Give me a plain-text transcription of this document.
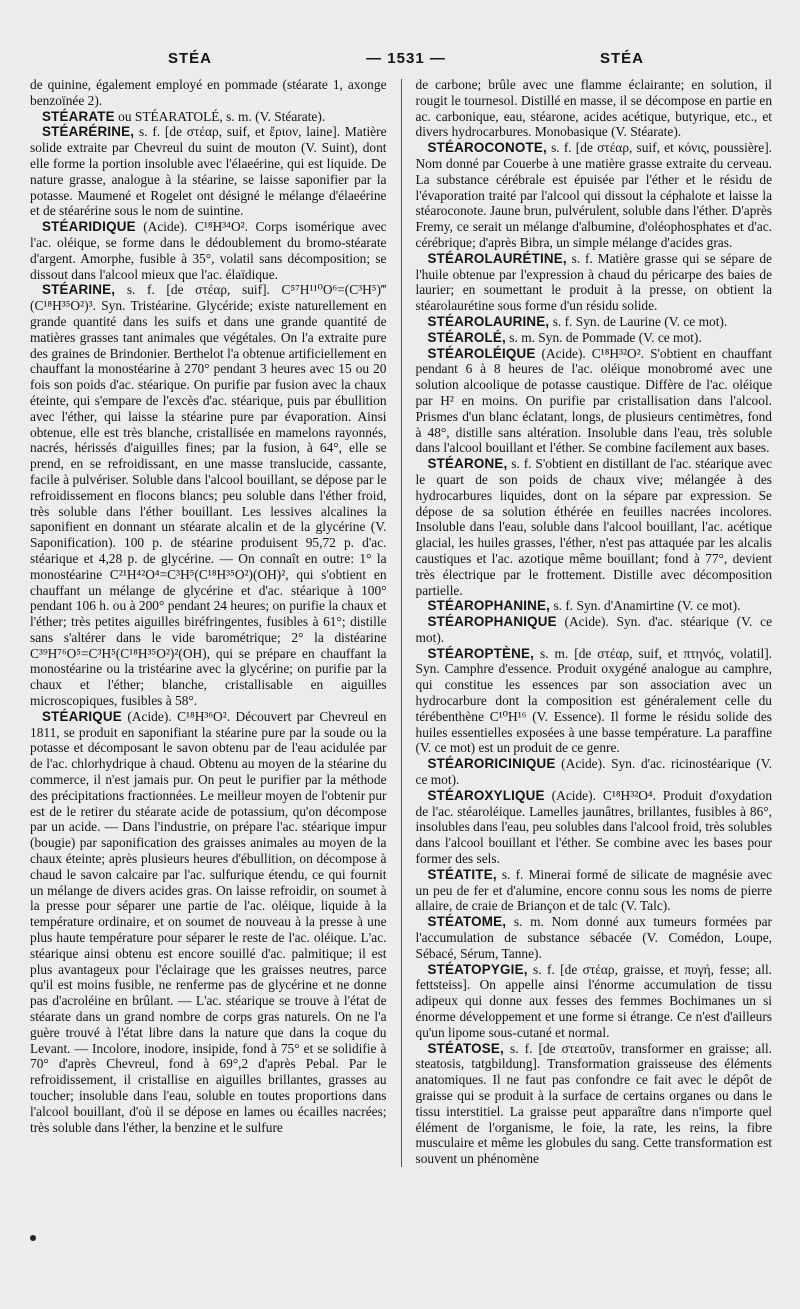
STÉA	— 1531 —	STÉA

de quinine, également employé en pommade (stéarate 1, axonge benzoïnée 2).

STÉARATE ou STÉARATOLÉ, s. m. (V. Stéarate).

STÉARÉRINE, s. f. [de στέαρ, suif, et ἔριον, laine]. Matière solide extraite par Chevreul du suint de mouton (V. Suint), dont elle forme la portion insoluble avec l'élaeérine, qui est liquide. De nature grasse, analogue à la stéarine, se laisse saponifier par la potasse. Maumené et Rogelet ont désigné le mélange d'élaeérine et de stéarérine sous le nom de suintine.

STÉARIDIQUE (Acide). C¹⁸H³⁴O². Corps isomérique avec l'ac. oléique, se forme dans le dédoublement du bromo-stéarate d'argent. Amorphe, fusible à 35°, volatil sans décomposition; se dissout dans l'alcool mieux que l'ac. élaïdique.

STÉARINE, s. f. [de στέαρ, suif]. C⁵⁷H¹¹⁰O⁶=(C³H⁵)‴(C¹⁸H³⁵O²)³. Syn. Tristéarine. Glycéride; existe naturellement en grande quantité dans les suifs et dans une grande quantité de matières grasses tant animales que végétales. On l'a extraite pure des graines de Brindonier. Berthelot l'a obtenue artificiellement en chauffant la monostéarine à 270° pendant 3 heures avec 15 ou 20 fois son poids d'ac. stéarique. On purifie par fusion avec la chaux éteinte, qui s'empare de l'excès d'ac. stéarique, puis par ébullition avec l'éther, qui laisse la stéarine pure par évaporation. Ainsi obtenue, elle est très blanche, cristallisée en mamelons rayonnés, nacrés, hérissés d'aiguilles fines; par la fusion, à 64°, elle se prend, en se refroidissant, en une masse translucide, cassante, facile à pulvériser. Soluble dans l'alcool bouillant, se dépose par le refroidissement en flocons blancs; peu soluble dans l'éther froid, très soluble dans l'éther bouillant. Les lessives alcalines la saponifient en donnant un stéarate alcalin et de la glycérine (V. Saponification). 100 p. de stéarine produisent 95,72 p. d'ac. stéarique et 4,28 p. de glycérine. — On connaît en outre: 1° la monostéarine C²¹H⁴²O⁴=C³H⁵(C¹⁸H³⁵O²)(OH)², qui s'obtient en chauffant un mélange de glycérine et d'ac. stéarique à 100° pendant 106 h. ou à 200° pendant 24 heures; on purifie la chaux et l'éther; très petites aiguilles biréfringentes, fusibles à 61°; distille sans s'altérer dans le vide barométrique; 2° la distéarine C³⁹H⁷⁶O⁵=C³H⁵(C¹⁸H³⁵O²)²(OH), qui se prépare en chauffant la monostéarine ou la tristéarine avec la glycérine; on purifie par la chaux et l'éther; blanche, cristallisable en aiguilles microscopiques, fusibles à 58°.

STÉARIQUE (Acide). C¹⁸H³⁶O². Découvert par Chevreul en 1811, se produit en saponifiant la stéarine pure par la soude ou la potasse et décomposant le savon obtenu par de l'eau acidulée par de l'ac. chlorhydrique à chaud. Obtenu au moyen de la stéarine du commerce, il n'est jamais pur. On peut le purifier par la méthode des précipitations fractionnées. Le meilleur moyen de l'obtenir pur est de le retirer du stéarate acide de potassium, qu'on décompose par un acide. — Dans l'industrie, on prépare l'ac. stéarique impur (bougie) par saponification des graisses animales au moyen de la chaux éteinte; après plusieurs heures d'ébullition, on décompose à chaud le savon calcaire par l'ac. sulfurique étendu, ce qui fournit un mélange de divers acides gras. On laisse refroidir, on soumet à la presse pour séparer une partie de l'ac. oléique, liquide à la température ordinaire, et on soumet de nouveau à la presse à une plus haute température pour séparer le reste de l'ac. oléique. L'ac. stéarique ainsi obtenu est encore souillé d'ac. palmitique; il est plus avantageux pour l'éclairage que les graisses neutres, parce qu'il est moins fusible, ne renferme pas de glycérine et ne donne pas d'acroléine en brûlant. — L'ac. stéarique se trouve à l'état de stéarate dans un grand nombre de corps gras naturels. On ne l'a guère trouvé à l'état libre dans la nature que dans la coque du Levant. — Incolore, inodore, insipide, fond à 75° et se solidifie à 70° d'après Chevreul, fond à 69°,2 d'après Pebal. Par le refroidissement, il cristallise en aiguilles brillantes, grasses au toucher; insoluble dans l'eau, soluble en toutes proportions dans l'alcool bouillant, d'où il se dépose en lames ou écailles nacrées; très soluble dans l'éther, la benzine et le sulfure

de carbone; brûle avec une flamme éclairante; en solution, il rougit le tournesol. Distillé en masse, il se décompose en partie en ac. carbonique, eau, stéarone, acides acétique, butyrique, etc., et divers hydrocarbures. Monobasique (V. Stéarate).

STÉAROCONOTE, s. f. [de στέαρ, suif, et κόνις, poussière]. Nom donné par Couerbe à une matière grasse extraite du cerveau. La substance cérébrale est épuisée par l'éther et le résidu de l'évaporation traité par l'alcool qui dissout la céphalote et laisse la stéaroconote. Jaune brun, pulvérulent, soluble dans l'éther. D'après Fremy, ce serait un mélange d'albumine, d'oléophosphates et d'ac. cérébrique; d'après Bibra, un simple mélange d'acides gras.

STÉAROLAURÉTINE, s. f. Matière grasse qui se sépare de l'huile obtenue par l'expression à chaud du péricarpe des baies de laurier; en soumettant le produit à la presse, on obtient la stéarolaurétine sous forme d'un résidu solide.

STÉAROLAURINE, s. f. Syn. de Laurine (V. ce mot).

STÉAROLÉ, s. m. Syn. de Pommade (V. ce mot).

STÉAROLÉIQUE (Acide). C¹⁸H³²O². S'obtient en chauffant pendant 6 à 8 heures de l'ac. oléique monobromé avec une solution alcoolique de potasse caustique. Diffère de l'ac. oléique par H² en moins. On purifie par cristallisation dans l'alcool. Prismes d'un blanc éclatant, longs, de plusieurs centimètres, fond à 48°, distille sans altération. Insoluble dans l'eau, très soluble dans l'alcool bouillant et l'éther. Se combine facilement aux bases.

STÉARONE, s. f. S'obtient en distillant de l'ac. stéarique avec le quart de son poids de chaux vive; mélangée à des hydrocarbures liquides, dont on la sépare par expression. Se dépose de sa solution éthérée en feuilles nacrées incolores. Insoluble dans l'eau, soluble dans l'alcool bouillant, l'ac. acétique glacial, les huiles grasses, l'éther, n'est pas attaquée par les alcalis caustiques et l'ac. azotique même bouillant; fond à 77°, devient très électrique par le frottement. Distille avec décomposition partielle.

STÉAROPHANINE, s. f. Syn. d'Anamirtine (V. ce mot).

STÉAROPHANIQUE (Acide). Syn. d'ac. stéarique (V. ce mot).

STÉAROPTÈNE, s. m. [de στέαρ, suif, et πτηνός, volatil]. Syn. Camphre d'essence. Produit oxygéné analogue au camphre, qui constitue les essences par son association avec un hydrocarbure dont la composition est généralement celle du térébenthène C¹⁰H¹⁶ (V. Essence). Il forme le résidu solide des huiles essentielles exposées à une basse température. La paraffine (V. ce mot) est un produit de ce genre.

STÉARORICINIQUE (Acide). Syn. d'ac. ricinostéarique (V. ce mot).

STÉAROXYLIQUE (Acide). C¹⁸H³²O⁴. Produit d'oxydation de l'ac. stéaroléique. Lamelles jaunâtres, brillantes, fusibles à 86°, insolubles dans l'eau, peu solubles dans l'alcool froid, très solubles dans l'alcool bouillant et l'éther. Se combine avec les bases pour former des sels.

STÉATITE, s. f. Minerai formé de silicate de magnésie avec un peu de fer et d'alumine, encore connu sous les noms de pierre allaire, de craie de Briançon et de talc (V. Talc).

STÉATOME, s. m. Nom donné aux tumeurs formées par l'accumulation de substance sébacée (V. Comédon, Loupe, Sébacé, Sérum, Tanne).

STÉATOPYGIE, s. f. [de στέαρ, graisse, et πυγή, fesse; all. fettsteiss]. On appelle ainsi l'énorme accumulation de tissu adipeux qui donne aux fesses des femmes Bochimanes un si énorme développement et une forme si étrange. Ce n'est d'ailleurs qu'un lipome sous-cutané et normal.

STÉATOSE, s. f. [de στεατοῦν, transformer en graisse; all. steatosis, tatgbildung]. Transformation graisseuse des éléments anatomiques. Il ne faut pas confondre ce fait avec le dépôt de graisse qui se produit à la surface de certains organes ou dans le tissu interstitiel. La graisse peut apparaître dans n'importe quel élément de l'organisme, le foie, la rate, les reins, la fibre musculaire et même les globules du sang. Cette transformation est souvent un phénomène
